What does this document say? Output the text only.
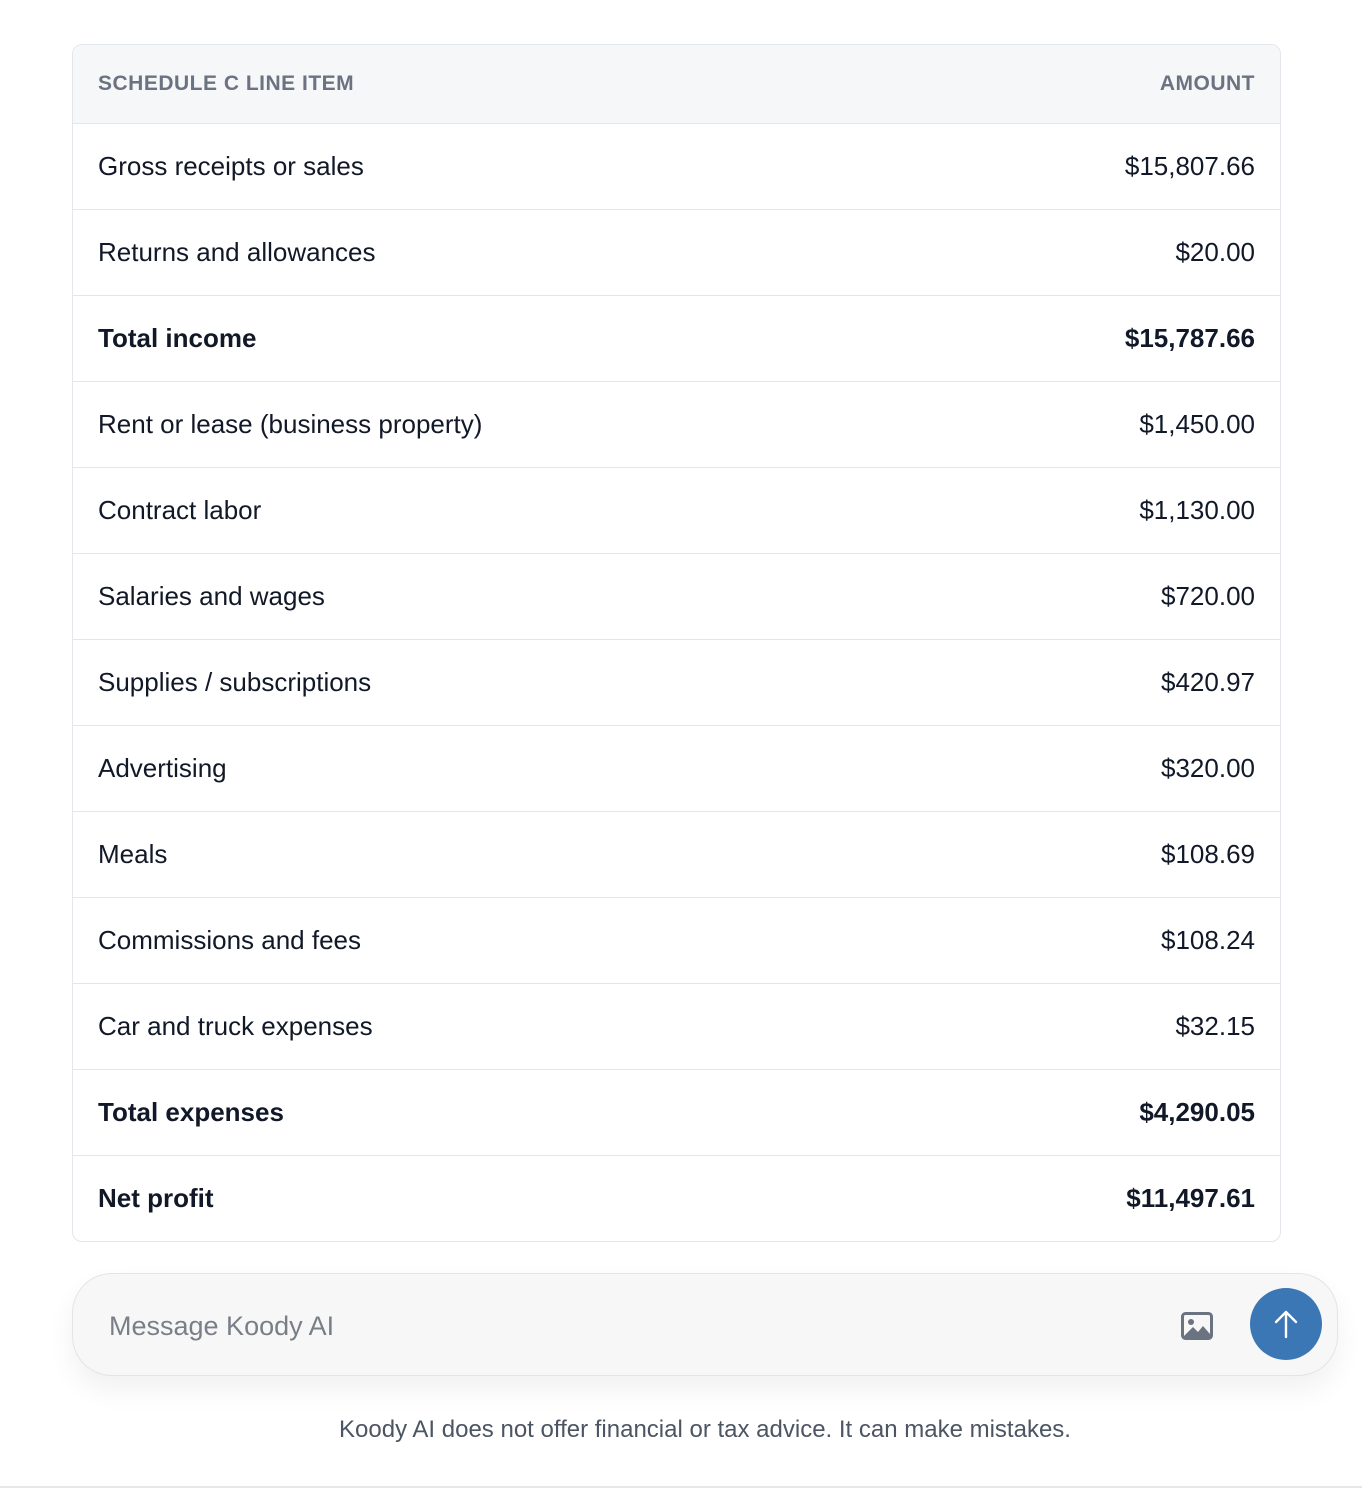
SCHEDULE C LINE ITEM	AMOUNT
Gross receipts or sales	$15,807.66
Returns and allowances	$20.00
Total income	$15,787.66
Rent or lease (business property)	$1,450.00
Contract labor	$1,130.00
Salaries and wages	$720.00
Supplies / subscriptions	$420.97
Advertising	$320.00
Meals	$108.69
Commissions and fees	$108.24
Car and truck expenses	$32.15
Total expenses	$4,290.05
Net profit	$11,497.61
Message Koody AI
Koody AI does not offer financial or tax advice. It can make mistakes.
